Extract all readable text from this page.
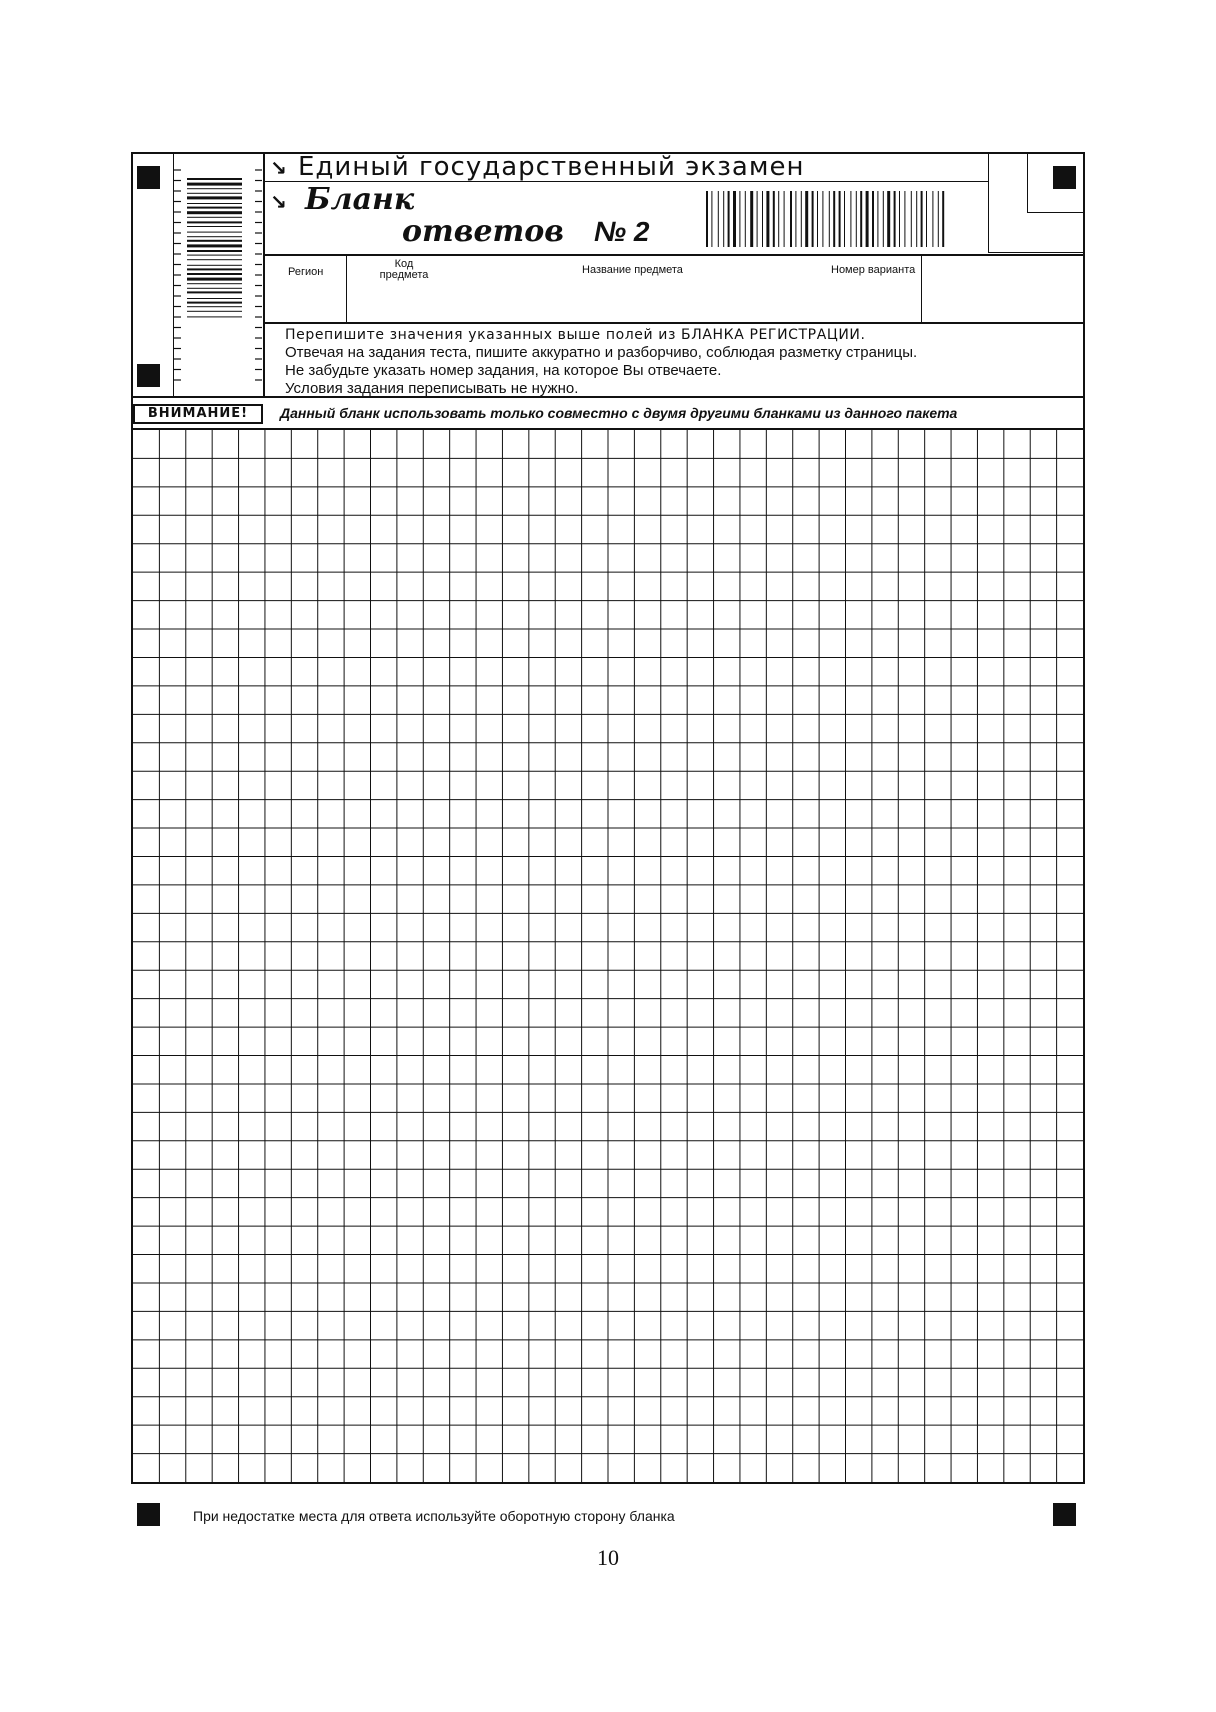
↘ Единый государственный экзамен
↘ Бланк
ответов № 2
Регион
Код
предмета	Название предмета	Номер варианта
Перепишите значения указанных выше полей из БЛАНКА РЕГИСТРАЦИИ.
Отвечая на задания теста, пишите аккуратно и разборчиво, соблюдая разметку страницы.
Не забудьте указать номер задания, на которое Вы отвечаете.
Условия задания переписывать не нужно.
ВНИМАНИЕ!	Данный бланк использовать только совместно с двумя другими бланками из данного пакета
При недостатке места для ответа используйте оборотную сторону бланка
10
